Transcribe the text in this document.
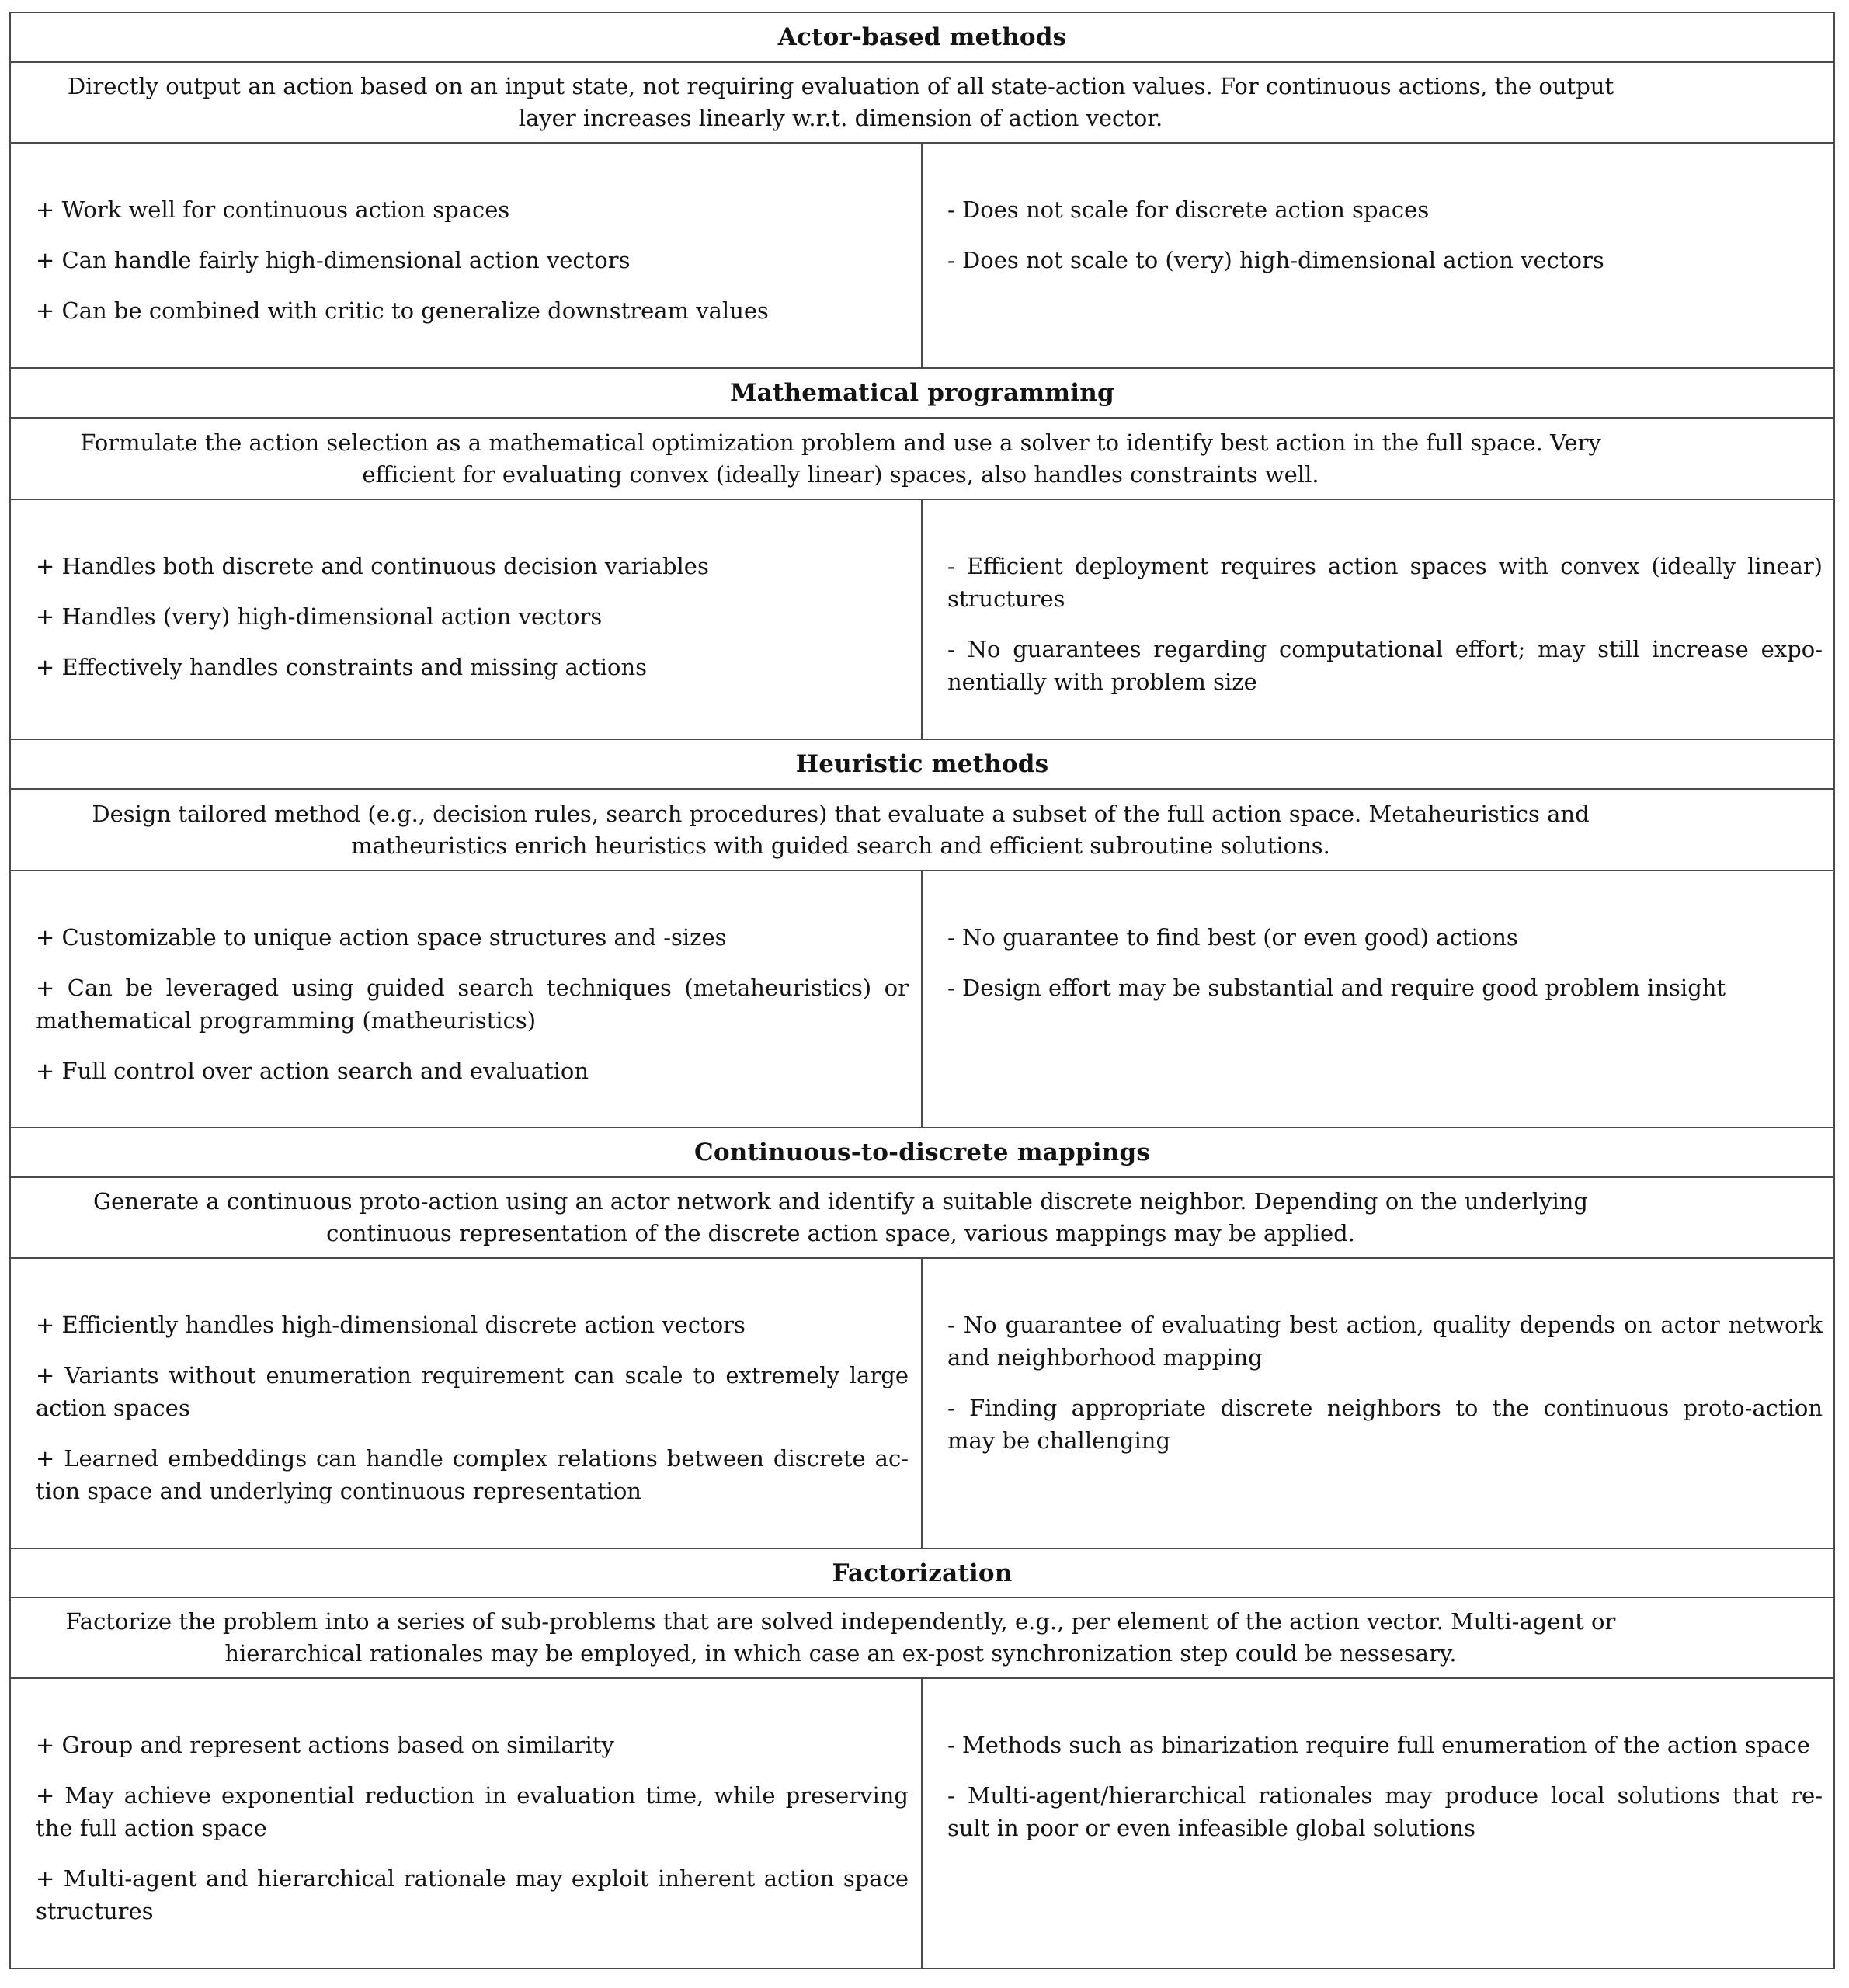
Actor-based methods
Directly output an action based on an input state, not requiring evaluation of all state-action values. For continuous actions, the output
layer increases linearly w.r.t. dimension of action vector.
+ Work well for continuous action spaces
+ Can handle fairly high-dimensional action vectors
+ Can be combined with critic to generalize downstream values
- Does not scale for discrete action spaces
- Does not scale to (very) high-dimensional action vectors
Mathematical programming
Formulate the action selection as a mathematical optimization problem and use a solver to identify best action in the full space. Very
efficient for evaluating convex (ideally linear) spaces, also handles constraints well.
+ Handles both discrete and continuous decision variables
+ Handles (very) high-dimensional action vectors
+ Effectively handles constraints and missing actions
- Efficient deployment requires action spaces with convex (ideally linear)
structures
- No guarantees regarding computational effort; may still increase expo-
nentially with problem size
Heuristic methods
Design tailored method (e.g., decision rules, search procedures) that evaluate a subset of the full action space. Metaheuristics and
matheuristics enrich heuristics with guided search and efficient subroutine solutions.
+ Customizable to unique action space structures and -sizes
+ Can be leveraged using guided search techniques (metaheuristics) or
mathematical programming (matheuristics)
+ Full control over action search and evaluation
- No guarantee to find best (or even good) actions
- Design effort may be substantial and require good problem insight
Continuous-to-discrete mappings
Generate a continuous proto-action using an actor network and identify a suitable discrete neighbor. Depending on the underlying
continuous representation of the discrete action space, various mappings may be applied.
+ Efficiently handles high-dimensional discrete action vectors
+ Variants without enumeration requirement can scale to extremely large
action spaces
+ Learned embeddings can handle complex relations between discrete ac-
tion space and underlying continuous representation
- No guarantee of evaluating best action, quality depends on actor network
and neighborhood mapping
- Finding appropriate discrete neighbors to the continuous proto-action
may be challenging
Factorization
Factorize the problem into a series of sub-problems that are solved independently, e.g., per element of the action vector. Multi-agent or
hierarchical rationales may be employed, in which case an ex-post synchronization step could be nessesary.
+ Group and represent actions based on similarity
+ May achieve exponential reduction in evaluation time, while preserving
the full action space
+ Multi-agent and hierarchical rationale may exploit inherent action space
structures
- Methods such as binarization require full enumeration of the action space
- Multi-agent/hierarchical rationales may produce local solutions that re-
sult in poor or even infeasible global solutions
